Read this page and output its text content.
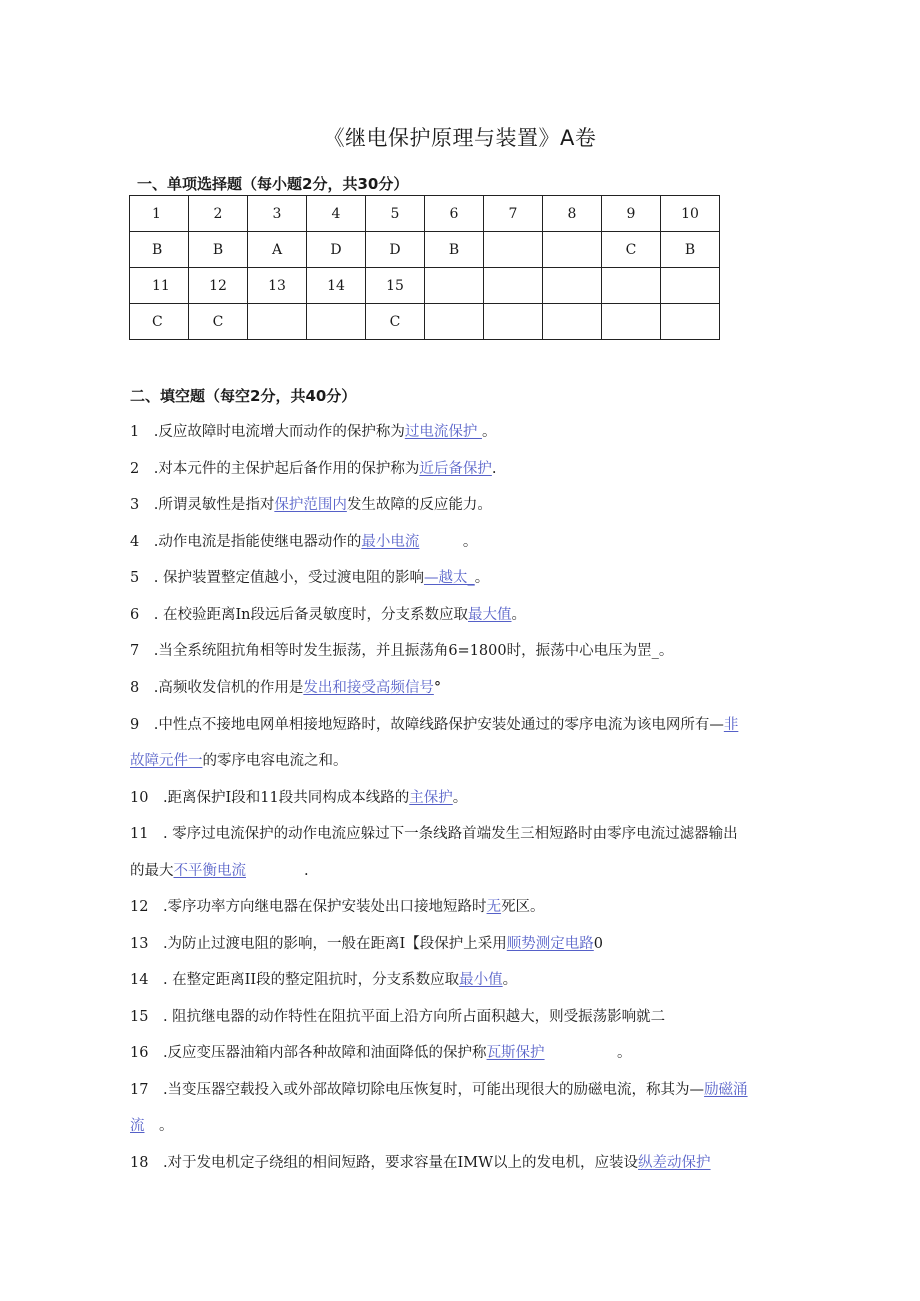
《继电保护原理与装置》A卷
一、单项选择题（每小题2分，共30分）
1	2	3	4	5	6	7	8	9	10
B	B	A	D	D	B			C	B
11	12	13	14	15					
C	C			C					
二、填空题（每空2分，共40分）
1　.反应故障时电流增大而动作的保护称为过电流保护 。
2　.对本元件的主保护起后备作用的保护称为近后备保护.
3　.所谓灵敏性是指对保护范围内发生故障的反应能力。
4　.动作电流是指能使继电器动作的最小电流　　　。
5　. 保护装置整定值越小，受过渡电阻的影响—越太_。
6　. 在校验距离In段远后备灵敏度时，分支系数应取最大值。
7　.当全系统阻抗角相等时发生振荡，并且振荡角6=1800时，振荡中心电压为罡_。
8　.高频收发信机的作用是发出和接受高频信号°
9　.中性点不接地电网单相接地短路时，故障线路保护安装处通过的零序电流为该电网所有—非
故障元件一的零序电容电流之和。
10　.距离保护I段和11段共同构成本线路的主保护。
11　. 零序过电流保护的动作电流应躲过下一条线路首端发生三相短路时由零序电流过滤器输出
的最大不平衡电流　　　　.
12　.零序功率方向继电器在保护安装处出口接地短路时无死区。
13　.为防止过渡电阻的影响，一般在距离I【段保护上采用顺势测定电路0
14　. 在整定距离II段的整定阻抗时，分支系数应取最小值。
15　. 阻抗继电器的动作特性在阻抗平面上沿方向所占面积越大，则受振荡影响就二
16　.反应变压器油箱内部各种故障和油面降低的保护称瓦斯保护　　　　　。
17　.当变压器空载投入或外部故障切除电压恢复时，可能出现很大的励磁电流，称其为—励磁涌
流　。
18　.对于发电机定子绕组的相间短路，要求容量在IMW以上的发电机，应装设纵差动保护
